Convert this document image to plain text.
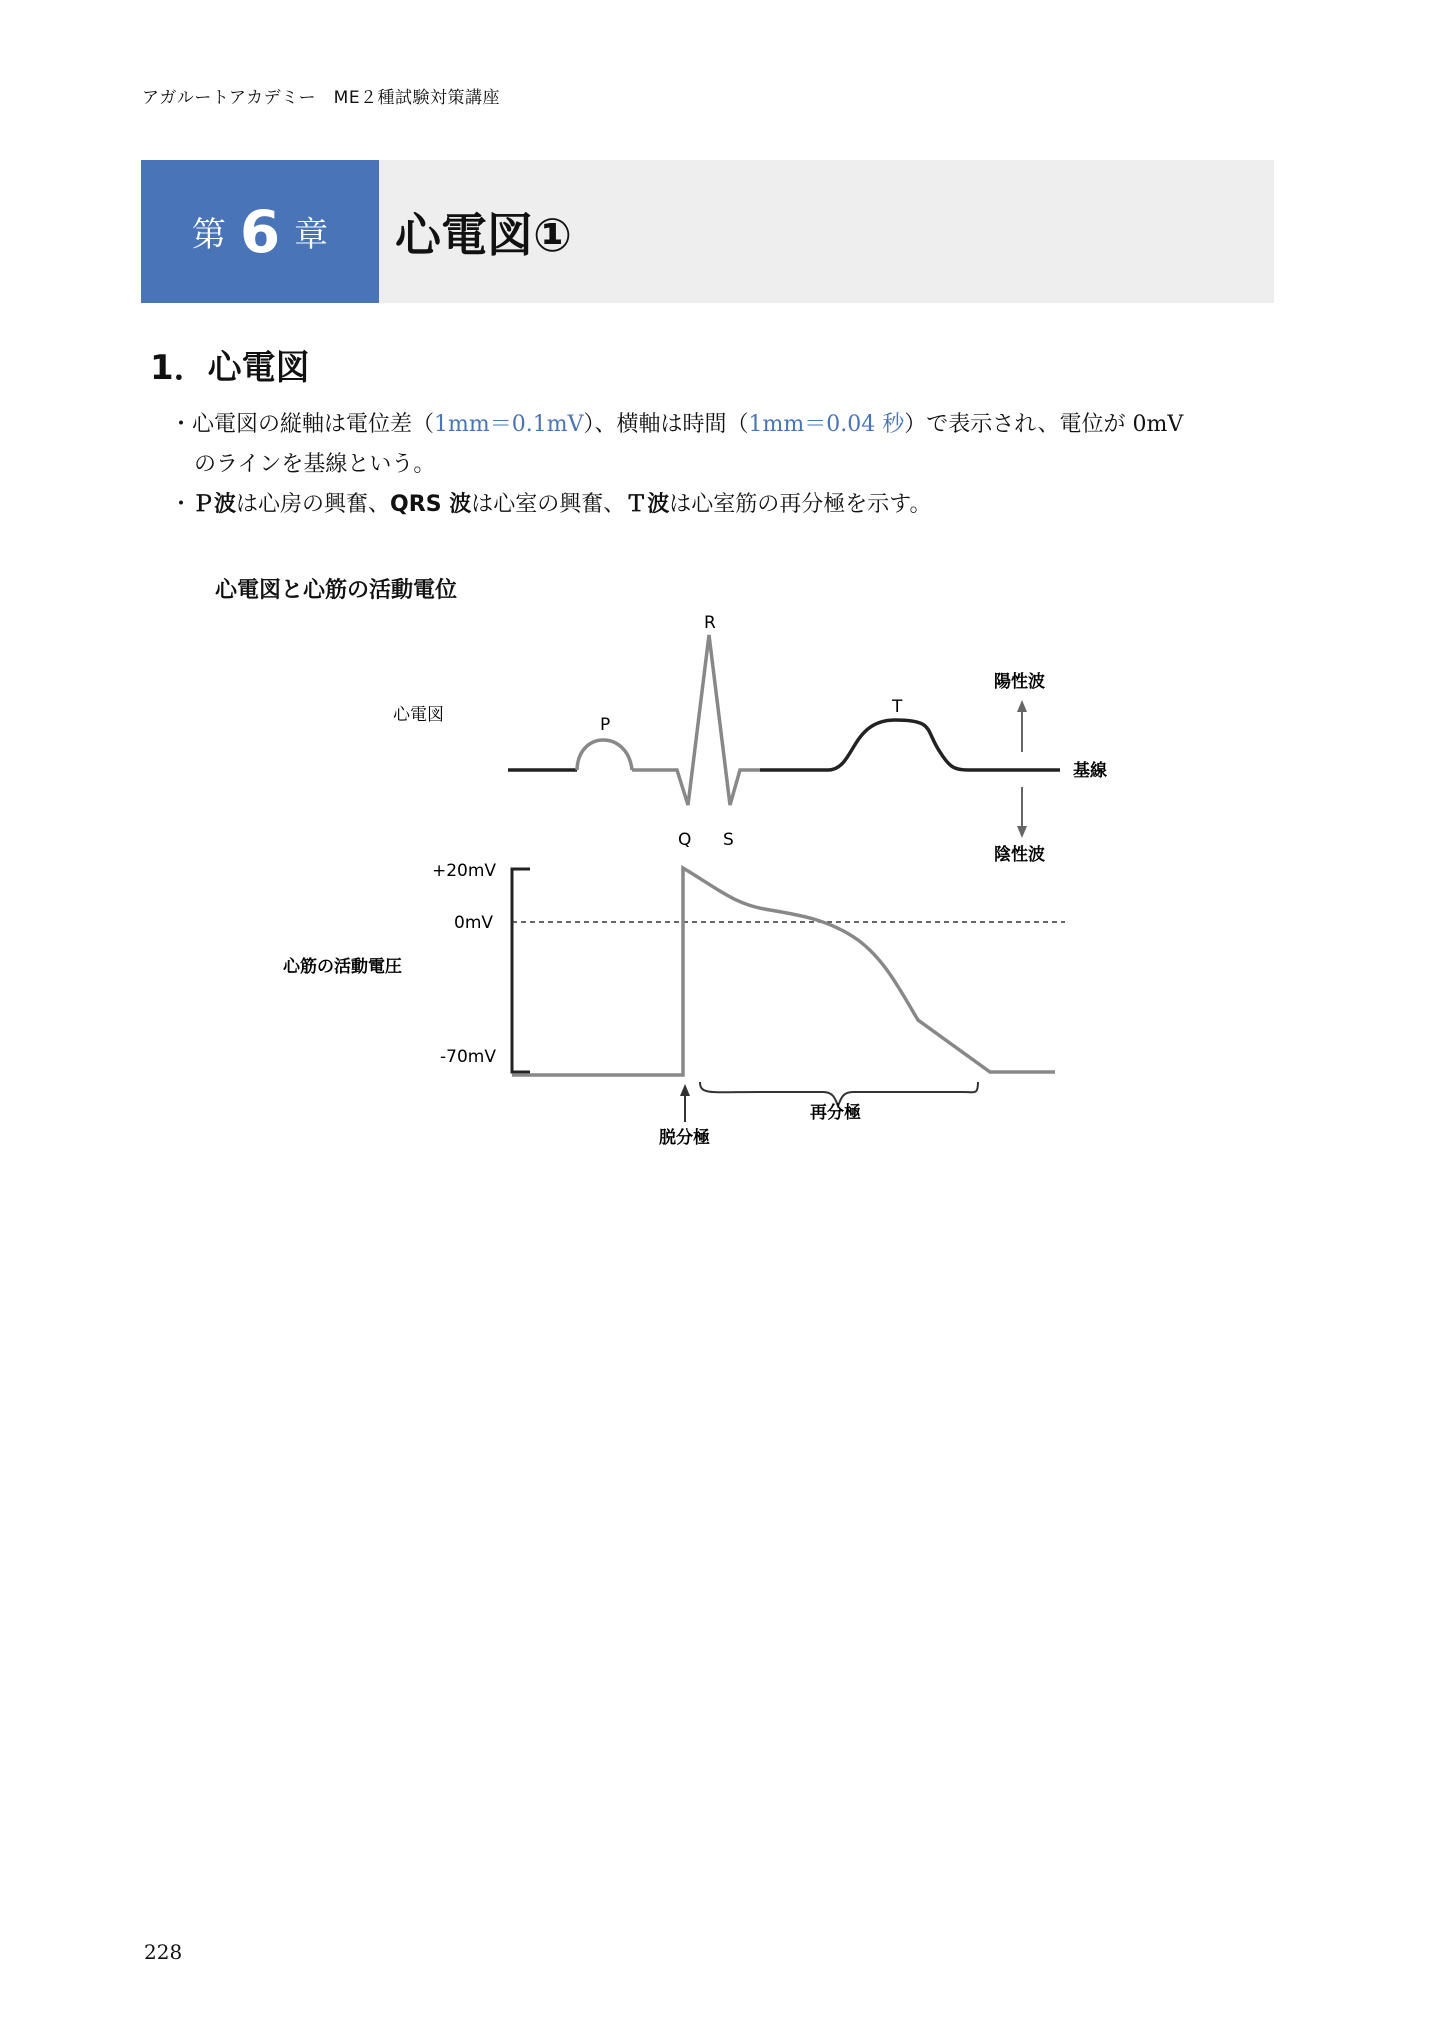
アガルートアカデミー　ME２種試験対策講座
第 6 章 心電図①
1．心電図
・心電図の縦軸は電位差（1mm＝0.1mV）、横軸は時間（1mm＝0.04 秒）で表示され、電位が 0mV
のラインを基線という。
・Ｐ波は心房の興奮、QRS 波は心室の興奮、Ｔ波は心室筋の再分極を示す。
心電図と心筋の活動電位
心電図	P
R
Q S
T
陽性波
基線
陰性波
+20mV
0mV
-70mV
心筋の活動電圧
脱分極
再分極
228
